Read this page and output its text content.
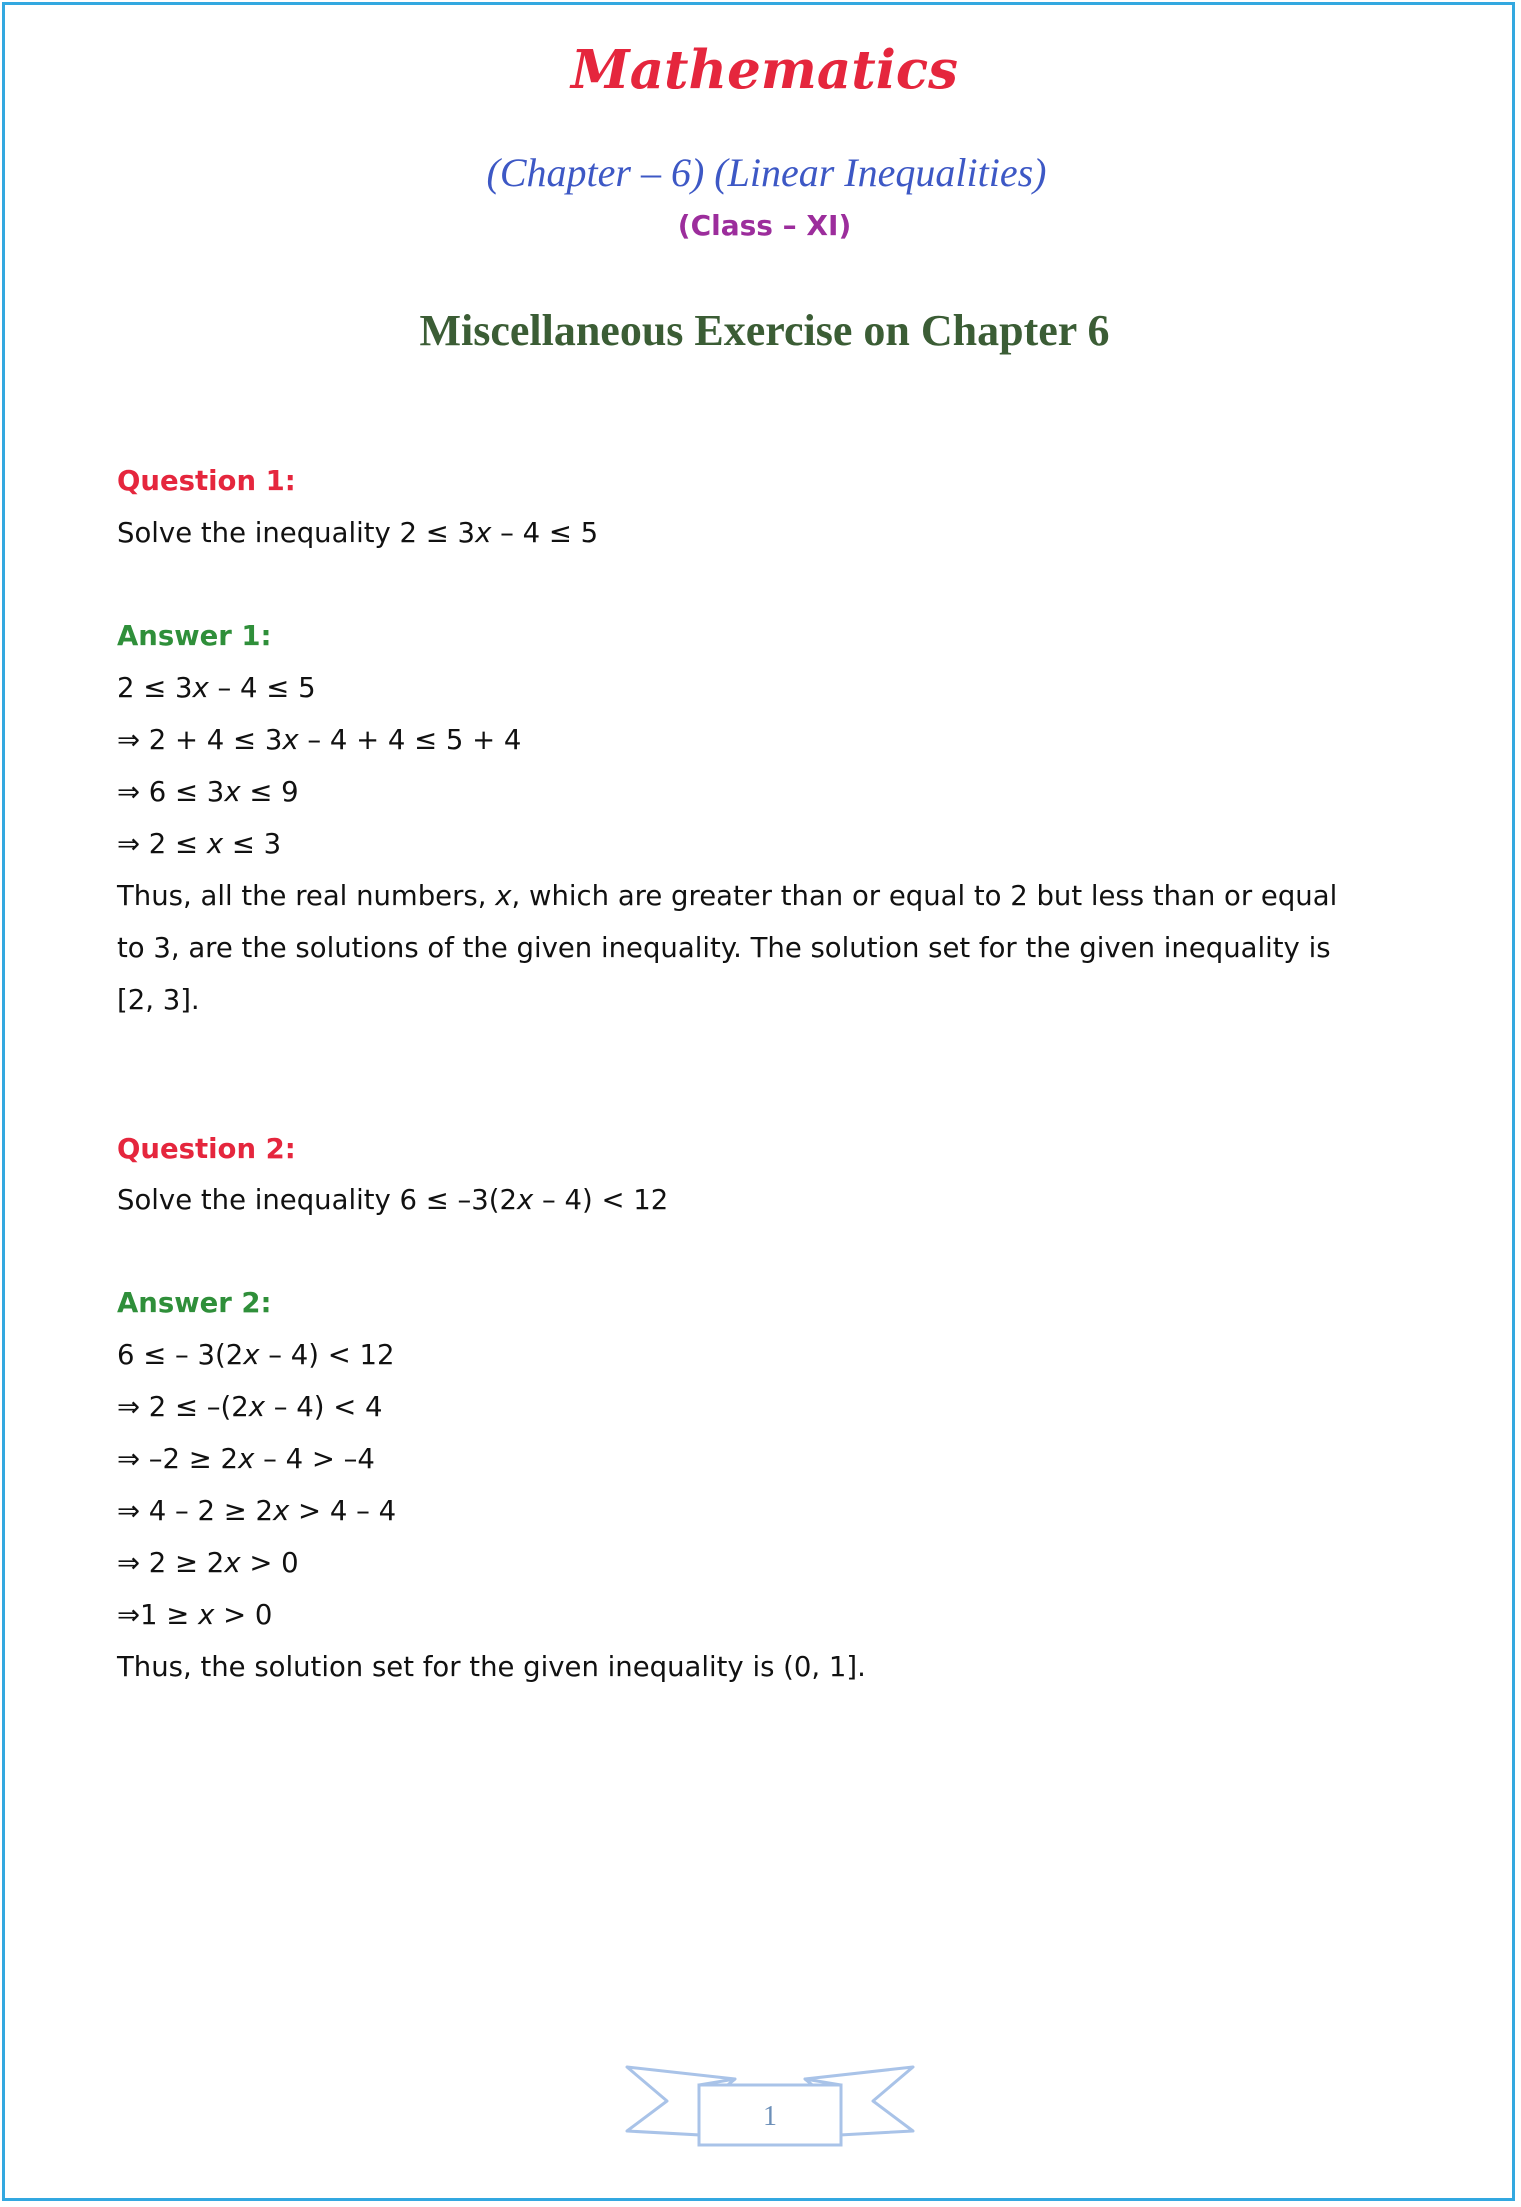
Mathematics
(Chapter – 6) (Linear Inequalities)
(Class – XI)
Miscellaneous Exercise on Chapter 6
Question 1:
Solve the inequality 2 ≤ 3x – 4 ≤ 5
Answer 1:
2 ≤ 3x – 4 ≤ 5
⇒ 2 + 4 ≤ 3x – 4 + 4 ≤ 5 + 4
⇒ 6 ≤ 3x ≤ 9
⇒ 2 ≤ x ≤ 3
Thus, all the real numbers, x, which are greater than or equal to 2 but less than or equal
to 3, are the solutions of the given inequality. The solution set for the given inequality is
[2, 3].
Question 2:
Solve the inequality 6 ≤ –3(2x – 4) < 12
Answer 2:
6 ≤ – 3(2x – 4) < 12
⇒ 2 ≤ –(2x – 4) < 4
⇒ –2 ≥ 2x – 4 > –4
⇒ 4 – 2 ≥ 2x > 4 – 4
⇒ 2 ≥ 2x > 0
⇒1 ≥ x > 0
Thus, the solution set for the given inequality is (0, 1].
1
